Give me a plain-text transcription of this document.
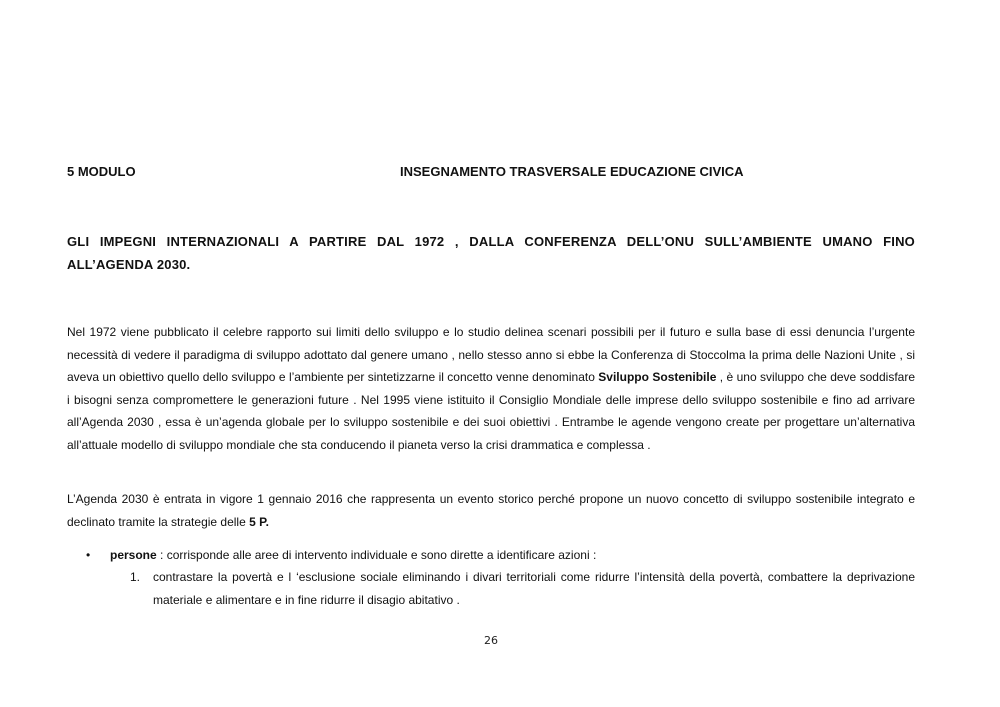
5 MODULO	INSEGNAMENTO TRASVERSALE EDUCAZIONE CIVICA

GLI IMPEGNI INTERNAZIONALI A PARTIRE DAL 1972 , DALLA CONFERENZA DELL’ONU SULL’AMBIENTE UMANO FINO ALL’AGENDA 2030.

Nel 1972 viene pubblicato il celebre rapporto sui limiti dello sviluppo e lo studio delinea scenari possibili per il futuro e sulla base di essi denuncia l’urgente necessità di vedere il paradigma di sviluppo adottato dal genere umano , nello stesso anno si ebbe la Conferenza di Stoccolma la prima delle Nazioni Unite , si aveva un obiettivo quello dello sviluppo e l’ambiente per sintetizzarne il concetto venne denominato Sviluppo Sostenibile , è uno sviluppo che deve soddisfare i bisogni senza compromettere le generazioni future . Nel 1995 viene istituito il Consiglio Mondiale delle imprese dello sviluppo sostenibile e fino ad arrivare all’Agenda 2030 , essa è un’agenda globale per lo sviluppo sostenibile e dei suoi obiettivi . Entrambe le agende vengono create per progettare un’alternativa all’attuale modello di sviluppo mondiale che sta conducendo il pianeta verso la crisi drammatica e complessa .

L’Agenda 2030 è entrata in vigore 1 gennaio 2016 che rappresenta un evento storico perché propone un nuovo concetto di sviluppo sostenibile integrato e declinato tramite la strategie delle 5 P.

•	persone : corrisponde alle aree di intervento individuale e sono dirette a identificare azioni :
1. contrastare la povertà e l ‘esclusione sociale eliminando i divari territoriali come ridurre l’intensità della povertà, combattere la deprivazione materiale e alimentare e in fine ridurre il disagio abitativo .
26
